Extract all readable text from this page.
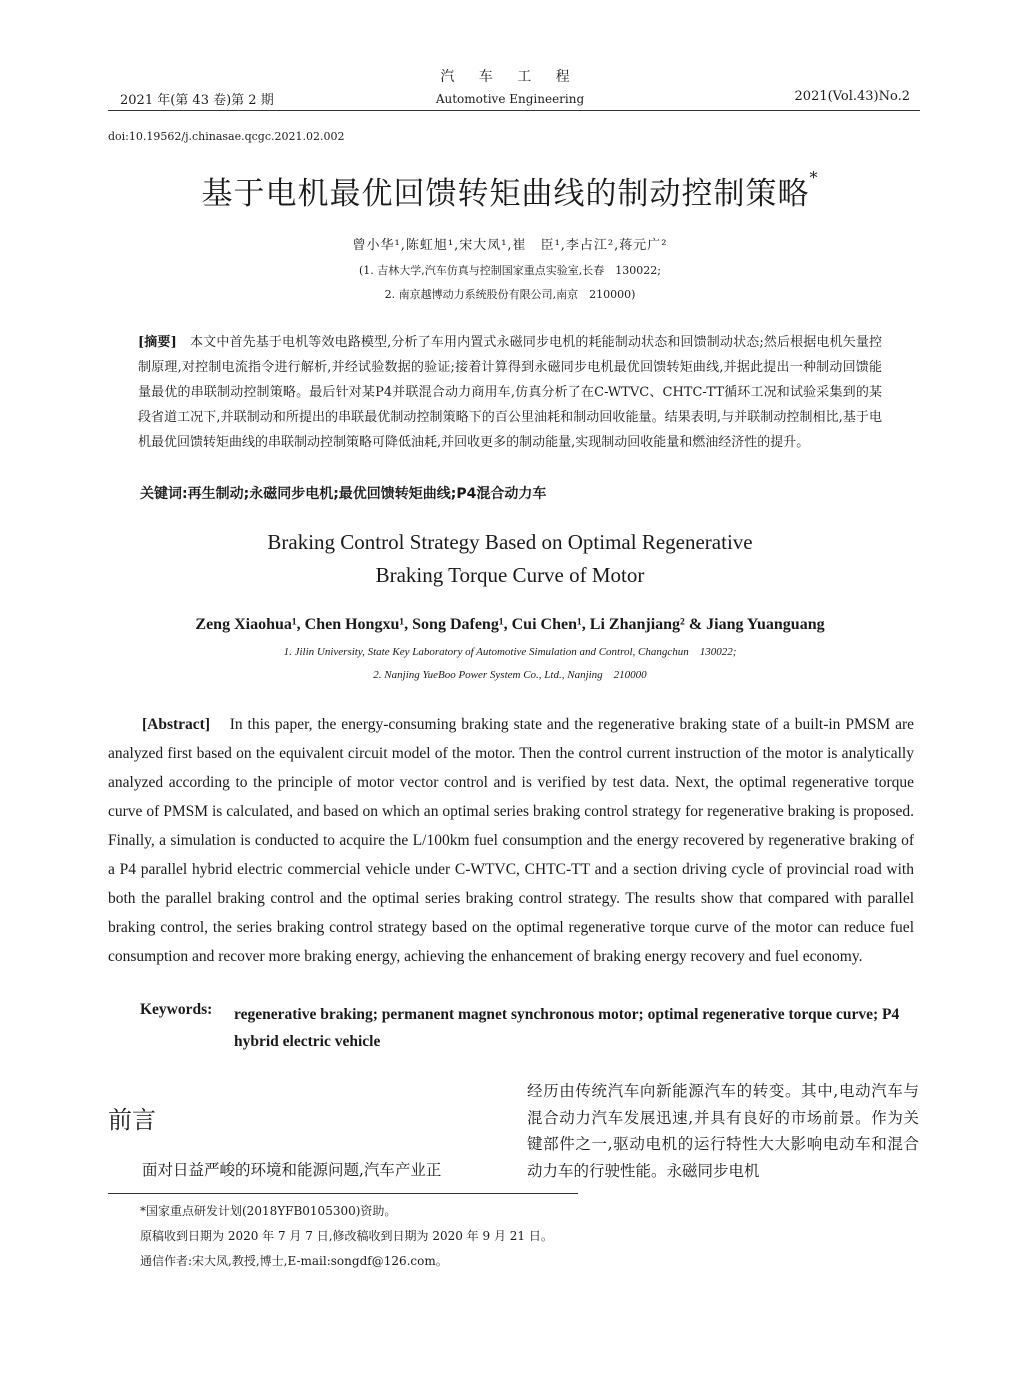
汽 车 工 程
2021 年(第 43 卷)第 2 期	Automotive Engineering	2021(Vol.43)No.2
doi:10.19562/j.chinasae.qcgc.2021.02.002
基于电机最优回馈转矩曲线的制动控制策略*
曾小华¹,陈虹旭¹,宋大凤¹,崔　臣¹,李占江²,蒋元广²
(1. 吉林大学,汽车仿真与控制国家重点实验室,长春　130022;
2. 南京越博动力系统股份有限公司,南京　210000)
[摘要]　 本文中首先基于电机等效电路模型,分析了车用内置式永磁同步电机的耗能制动状态和回馈制动状态;然后根据电机矢量控制原理,对控制电流指令进行解析,并经试验数据的验证;接着计算得到永磁同步电机最优回馈转矩曲线,并据此提出一种制动回馈能量最优的串联制动控制策略。最后针对某P4并联混合动力商用车,仿真分析了在C-WTVC、CHTC-TT循环工况和试验采集到的某段省道工况下,并联制动和所提出的串联最优制动控制策略下的百公里油耗和制动回收能量。结果表明,与并联制动控制相比,基于电机最优回馈转矩曲线的串联制动控制策略可降低油耗,并回收更多的制动能量,实现制动回收能量和燃油经济性的提升。
关键词:再生制动;永磁同步电机;最优回馈转矩曲线;P4混合动力车
Braking Control Strategy Based on Optimal Regenerative
Braking Torque Curve of Motor
Zeng Xiaohua¹, Chen Hongxu¹, Song Dafeng¹, Cui Chen¹, Li Zhanjiang² & Jiang Yuanguang
1. Jilin University, State Key Laboratory of Automotive Simulation and Control, Changchun　130022;
2. Nanjing YueBoo Power System Co., Ltd., Nanjing　210000
[Abstract] In this paper, the energy-consuming braking state and the regenerative braking state of a built-in PMSM are analyzed first based on the equivalent circuit model of the motor. Then the control current instruction of the motor is analytically analyzed according to the principle of motor vector control and is verified by test data. Next, the optimal regenerative torque curve of PMSM is calculated, and based on which an optimal series braking control strategy for regenerative braking is proposed. Finally, a simulation is conducted to acquire the L/100km fuel consumption and the energy recovered by regenerative braking of a P4 parallel hybrid electric commercial vehicle under C-WTVC, CHTC-TT and a section driving cycle of provincial road with both the parallel braking control and the optimal series braking control strategy. The results show that compared with parallel braking control, the series braking control strategy based on the optimal regenerative torque curve of the motor can reduce fuel consumption and recover more braking energy, achieving the enhancement of braking energy recovery and fuel economy.
Keywords: regenerative braking; permanent magnet synchronous motor; optimal regenerative torque curve; P4 hybrid electric vehicle
前言
面对日益严峻的环境和能源问题,汽车产业正
经历由传统汽车向新能源汽车的转变。其中,电动汽车与混合动力汽车发展迅速,并具有良好的市场前景。作为关键部件之一,驱动电机的运行特性大大影响电动车和混合动力车的行驶性能。永磁同步电机
*国家重点研发计划(2018YFB0105300)资助。
原稿收到日期为 2020 年 7 月 7 日,修改稿收到日期为 2020 年 9 月 21 日。
通信作者:宋大凤,教授,博士,E-mail:songdf@126.com。
